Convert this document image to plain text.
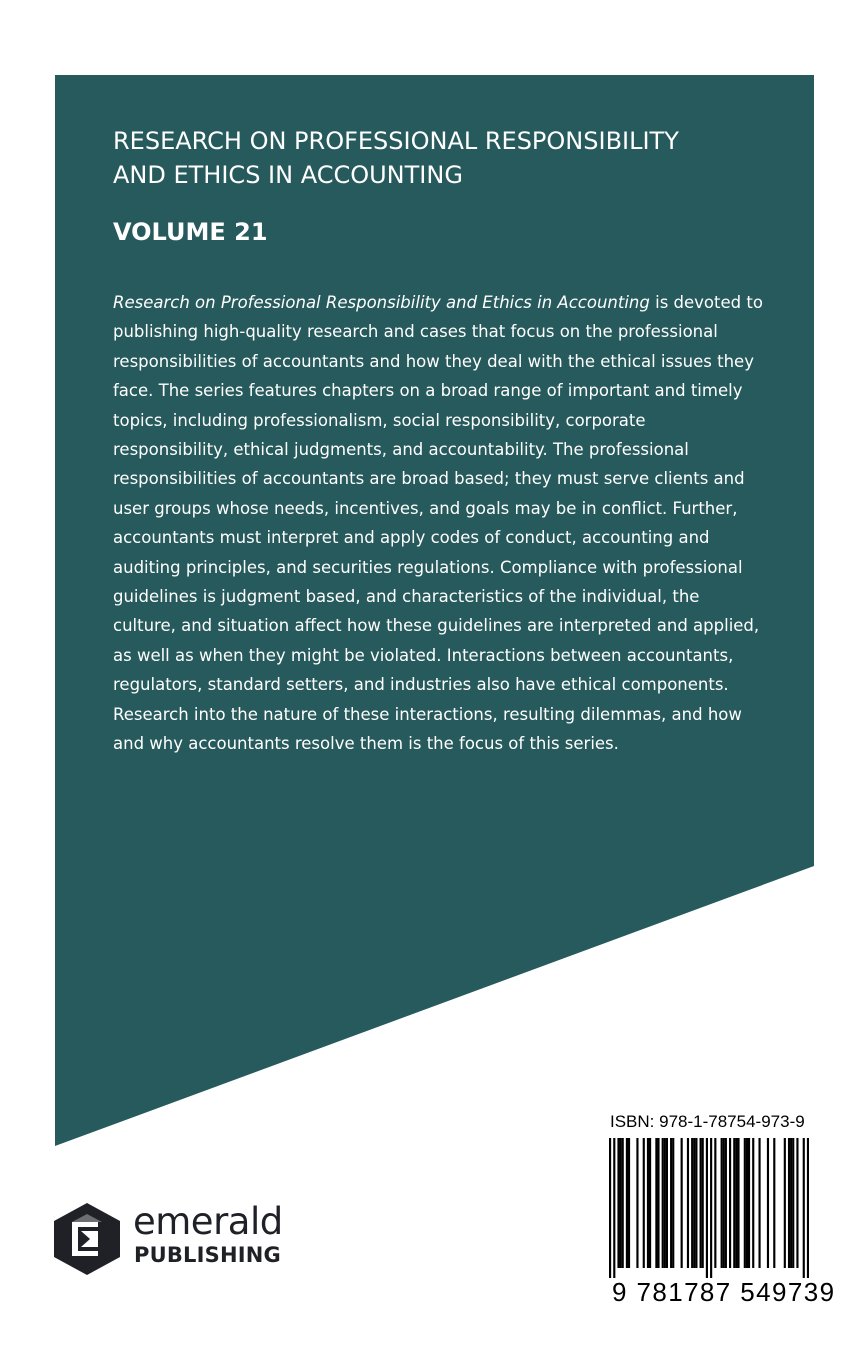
RESEARCH ON PROFESSIONAL RESPONSIBILITY
AND ETHICS IN ACCOUNTING
VOLUME 21

Research on Professional Responsibility and Ethics in Accounting is devoted to publishing high-quality research and cases that focus on the professional responsibilities of accountants and how they deal with the ethical issues they face. The series features chapters on a broad range of important and timely topics, including professionalism, social responsibility, corporate responsibility, ethical judgments, and accountability. The professional responsibilities of accountants are broad based; they must serve clients and user groups whose needs, incentives, and goals may be in conflict. Further, accountants must interpret and apply codes of conduct, accounting and auditing principles, and securities regulations. Compliance with professional guidelines is judgment based, and characteristics of the individual, the culture, and situation affect how these guidelines are interpreted and applied, as well as when they might be violated. Interactions between accountants, regulators, standard setters, and industries also have ethical components. Research into the nature of these interactions, resulting dilemmas, and how and why accountants resolve them is the focus of this series.

ISBN: 978-1-78754-973-9
9 781787 549739
emerald
PUBLISHING
